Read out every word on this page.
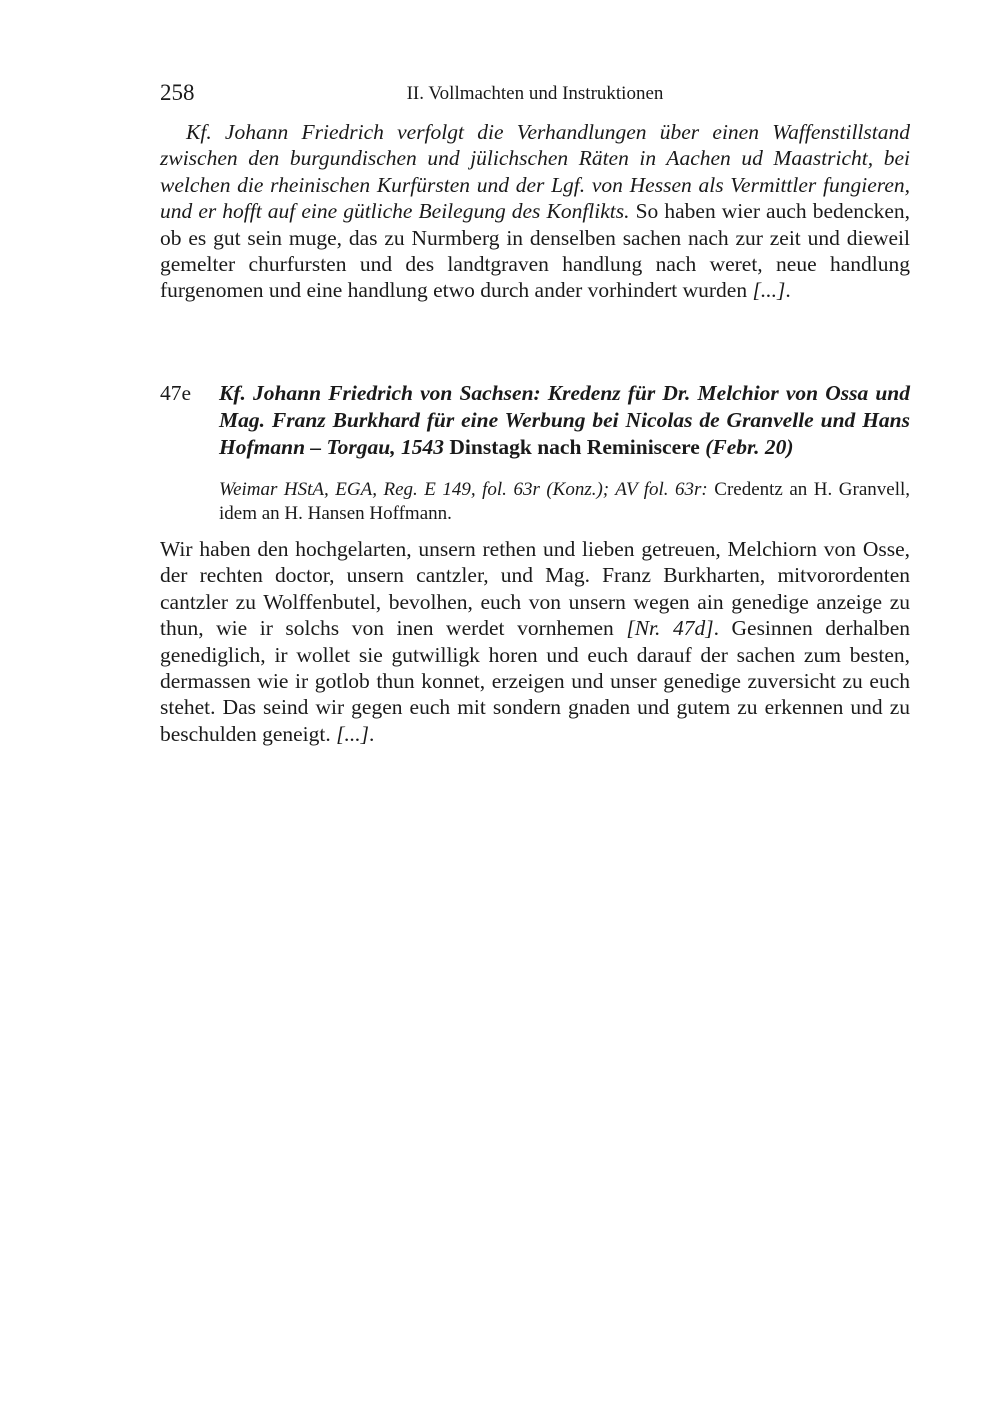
258	II. Vollmachten und Instruktionen

Kf. Johann Friedrich verfolgt die Verhandlungen über einen Waffenstillstand zwischen den burgundischen und jülichschen Räten in Aachen ud Maastricht, bei welchen die rheinischen Kurfürsten und der Lgf. von Hessen als Vermittler fungieren, und er hofft auf eine gütliche Beilegung des Konflikts. So haben wier auch bedencken, ob es gut sein muge, das zu Nurmberg in denselben sachen nach zur zeit und dieweil gemelter churfursten und des landtgraven handlung nach weret, neue handlung furgenomen und eine handlung etwo durch ander vorhindert wurden [...].

47e Kf. Johann Friedrich von Sachsen: Kredenz für Dr. Melchior von Ossa und Mag. Franz Burkhard für eine Werbung bei Nicolas de Granvelle und Hans Hofmann – Torgau, 1543 Dinstagk nach Reminiscere (Febr. 20)

Weimar HStA, EGA, Reg. E 149, fol. 63r (Konz.); AV fol. 63r: Credentz an H. Granvell, idem an H. Hansen Hoffmann.

Wir haben den hochgelarten, unsern rethen und lieben getreuen, Melchiorn von Osse, der rechten doctor, unsern cantzler, und Mag. Franz Burkharten, mitvorordenten cantzler zu Wolffenbutel, bevolhen, euch von unsern wegen ain genedige anzeige zu thun, wie ir solchs von inen werdet vornhemen [Nr. 47d]. Gesinnen derhalben genediglich, ir wollet sie gutwilligk horen und euch darauf der sachen zum besten, dermassen wie ir gotlob thun konnet, erzeigen und unser genedige zuversicht zu euch stehet. Das seind wir gegen euch mit sondern gnaden und gutem zu erkennen und zu beschulden geneigt. [...].
